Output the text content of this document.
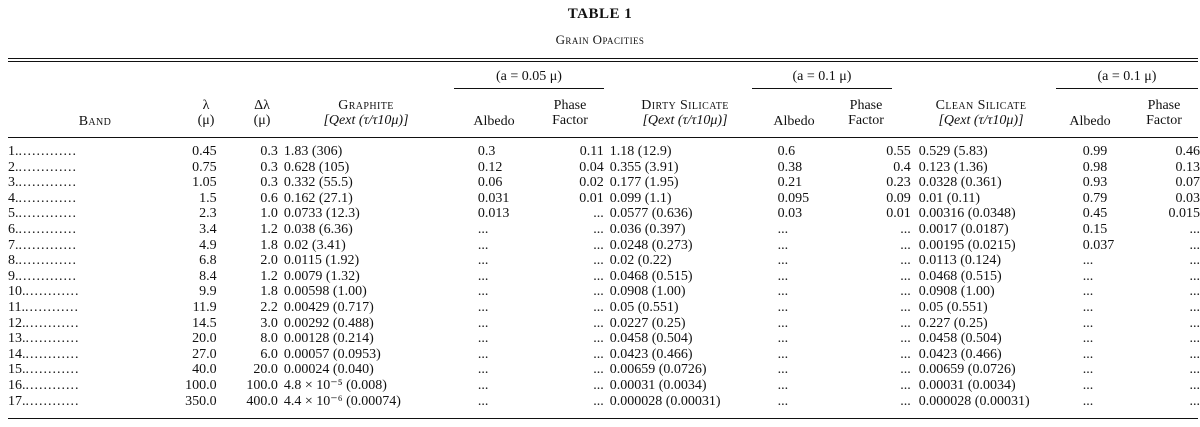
TABLE 1
Grain Opacities
(a = 0.05 μ)	(a = 0.1 μ)	(a = 0.1 μ)
Band
λ
(μ)
Δλ
(μ)
Graphite
[Qext (τ/τ10μ)]	Albedo
Phase
Factor
Dirty Silicate
[Qext (τ/τ10μ)]	Albedo
Phase
Factor
Clean Silicate
[Qext (τ/τ10μ)]	Albedo
Phase
Factor
1..............	0.45	0.3	1.83 (306)	0.3	0.11	1.18 (12.9)	0.6	0.55	0.529 (5.83)	0.99	0.46
2..............	0.75	0.3	0.628 (105)	0.12	0.04	0.355 (3.91)	0.38	0.4	0.123 (1.36)	0.98	0.13
3..............	1.05	0.3	0.332 (55.5)	0.06	0.02	0.177 (1.95)	0.21	0.23	0.0328 (0.361)	0.93	0.07
4..............	1.5	0.6	0.162 (27.1)	0.031	0.01	0.099 (1.1)	0.095	0.09	0.01 (0.11)	0.79	0.03
5..............	2.3	1.0	0.0733 (12.3)	0.013	...	0.0577 (0.636)	0.03	0.01	0.00316 (0.0348)	0.45	0.015
6..............	3.4	1.2	0.038 (6.36)	...	...	0.036 (0.397)	...	...	0.0017 (0.0187)	0.15	...
7..............	4.9	1.8	0.02 (3.41)	...	...	0.0248 (0.273)	...	...	0.00195 (0.0215)	0.037	...
8..............	6.8	2.0	0.0115 (1.92)	...	...	0.02 (0.22)	...	...	0.0113 (0.124)	...	...
9..............	8.4	1.2	0.0079 (1.32)	...	...	0.0468 (0.515)	...	...	0.0468 (0.515)	...	...
10.............	9.9	1.8	0.00598 (1.00)	...	...	0.0908 (1.00)	...	...	0.0908 (1.00)	...	...
11.............	11.9	2.2	0.00429 (0.717)	...	...	0.05 (0.551)	...	...	0.05 (0.551)	...	...
12.............	14.5	3.0	0.00292 (0.488)	...	...	0.0227 (0.25)	...	...	0.227 (0.25)	...	...
13.............	20.0	8.0	0.00128 (0.214)	...	...	0.0458 (0.504)	...	...	0.0458 (0.504)	...	...
14.............	27.0	6.0	0.00057 (0.0953)	...	...	0.0423 (0.466)	...	...	0.0423 (0.466)	...	...
15.............	40.0	20.0	0.00024 (0.040)	...	...	0.00659 (0.0726)	...	...	0.00659 (0.0726)	...	...
16.............	100.0	100.0	4.8 × 10⁻⁵ (0.008)	...	...	0.00031 (0.0034)	...	...	0.00031 (0.0034)	...	...
17.............	350.0	400.0	4.4 × 10⁻⁶ (0.00074)	...	...	0.000028 (0.00031)	...	...	0.000028 (0.00031)	...	...
